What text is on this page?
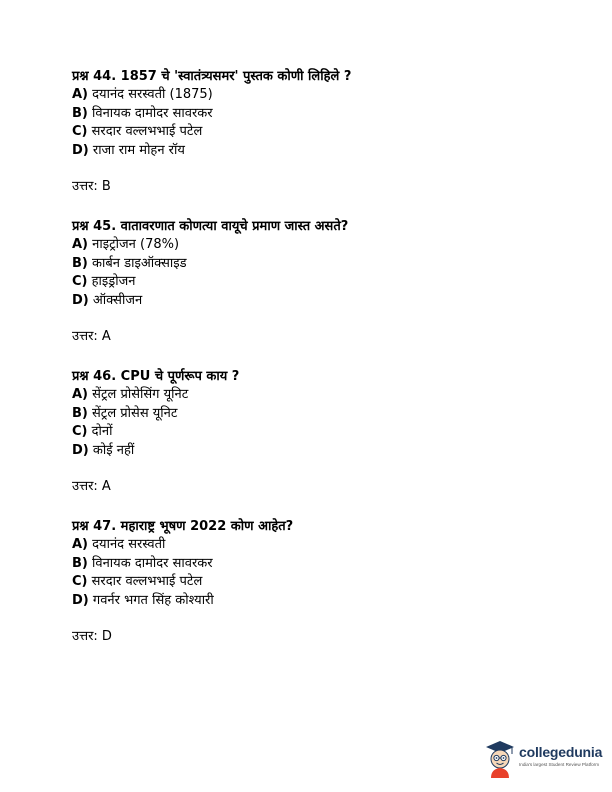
प्रश्न 44. 1857 चे 'स्वातंत्र्यसमर' पुस्तक कोणी लिहिले ?
A) दयानंद सरस्वती (1875)
B) विनायक दामोदर सावरकर
C) सरदार वल्लभभाई पटेल
D) राजा राम मोहन रॉय
उत्तर: B
प्रश्न 45. वातावरणात कोणत्या वायूचे प्रमाण जास्त असते?
A) नाइट्रोजन (78%)
B) कार्बन डाइऑक्साइड
C) हाइड्रोजन
D) ऑक्सीजन
उत्तर: A
प्रश्न 46. CPU चे पूर्णरूप काय ?
A) सेंट्रल प्रोसेसिंग यूनिट
B) सेंट्रल प्रोसेस यूनिट
C) दोनों
D) कोई नहीं
उत्तर: A
प्रश्न 47. महाराष्ट्र भूषण 2022 कोण आहेत?
A) दयानंद सरस्वती
B) विनायक दामोदर सावरकर
C) सरदार वल्लभभाई पटेल
D) गवर्नर भगत सिंह कोश्यारी
उत्तर: D
collegedunia
India's largest Student Review Platform
